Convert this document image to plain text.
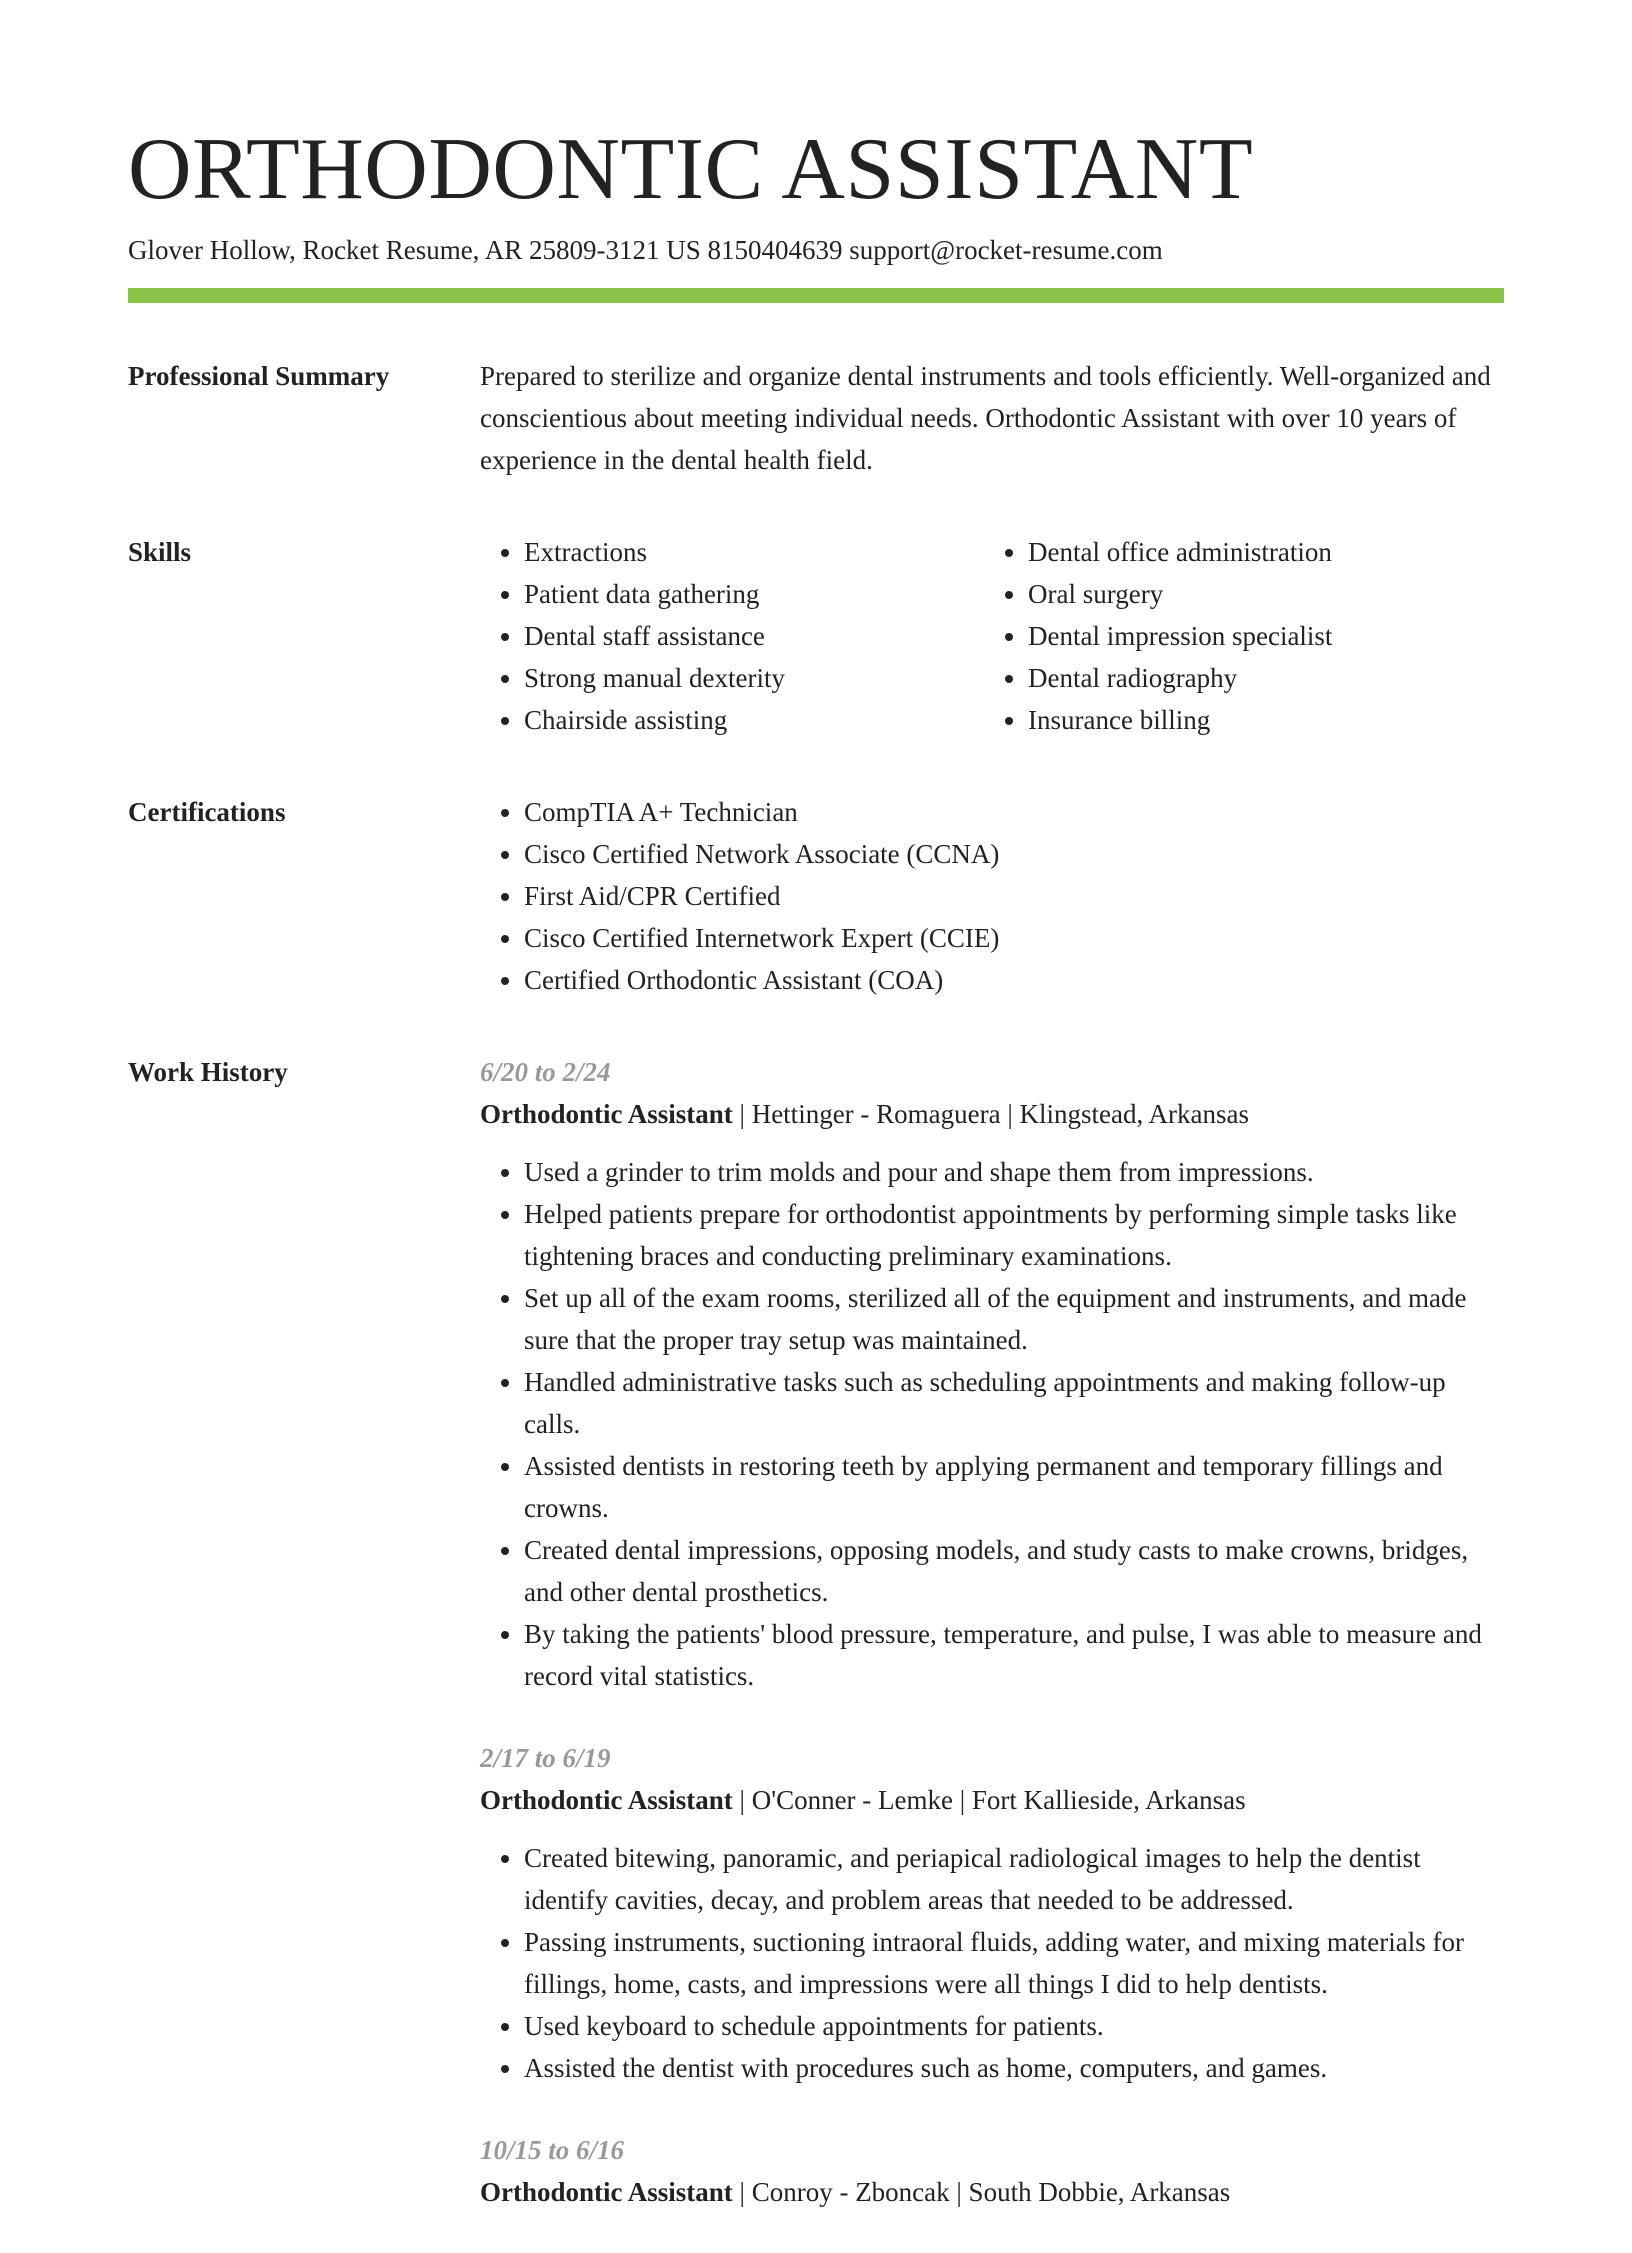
ORTHODONTIC ASSISTANT
Glover Hollow, Rocket Resume, AR 25809-3121 US 8150404639 support@rocket-resume.com
Professional Summary	Prepared to sterilize and organize dental instruments and tools efficiently. Well-organized and conscientious about meeting individual needs. Orthodontic Assistant with over 10 years of experience in the dental health field.

Skills	• Extractions
• Patient data gathering
• Dental staff assistance
• Strong manual dexterity
• Chairside assisting
• Dental office administration
• Oral surgery
• Dental impression specialist
• Dental radiography
• Insurance billing
Certifications	• CompTIA A+ Technician
• Cisco Certified Network Associate (CCNA)
• First Aid/CPR Certified
• Cisco Certified Internetwork Expert (CCIE)
• Certified Orthodontic Assistant (COA)
Work History	6/20 to 2/24

Orthodontic Assistant | Hettinger - Romaguera | Klingstead, Arkansas

• Used a grinder to trim molds and pour and shape them from impressions.
• Helped patients prepare for orthodontist appointments by performing simple tasks like tightening braces and conducting preliminary examinations.
• Set up all of the exam rooms, sterilized all of the equipment and instruments, and made sure that the proper tray setup was maintained.
• Handled administrative tasks such as scheduling appointments and making follow-up calls.
• Assisted dentists in restoring teeth by applying permanent and temporary fillings and crowns.
• Created dental impressions, opposing models, and study casts to make crowns, bridges, and other dental prosthetics.
• By taking the patients' blood pressure, temperature, and pulse, I was able to measure and record vital statistics.

2/17 to 6/19

Orthodontic Assistant | O'Conner - Lemke | Fort Kallieside, Arkansas

• Created bitewing, panoramic, and periapical radiological images to help the dentist identify cavities, decay, and problem areas that needed to be addressed.
• Passing instruments, suctioning intraoral fluids, adding water, and mixing materials for fillings, home, casts, and impressions were all things I did to help dentists.
• Used keyboard to schedule appointments for patients.
• Assisted the dentist with procedures such as home, computers, and games.

10/15 to 6/16

Orthodontic Assistant | Conroy - Zboncak | South Dobbie, Arkansas
